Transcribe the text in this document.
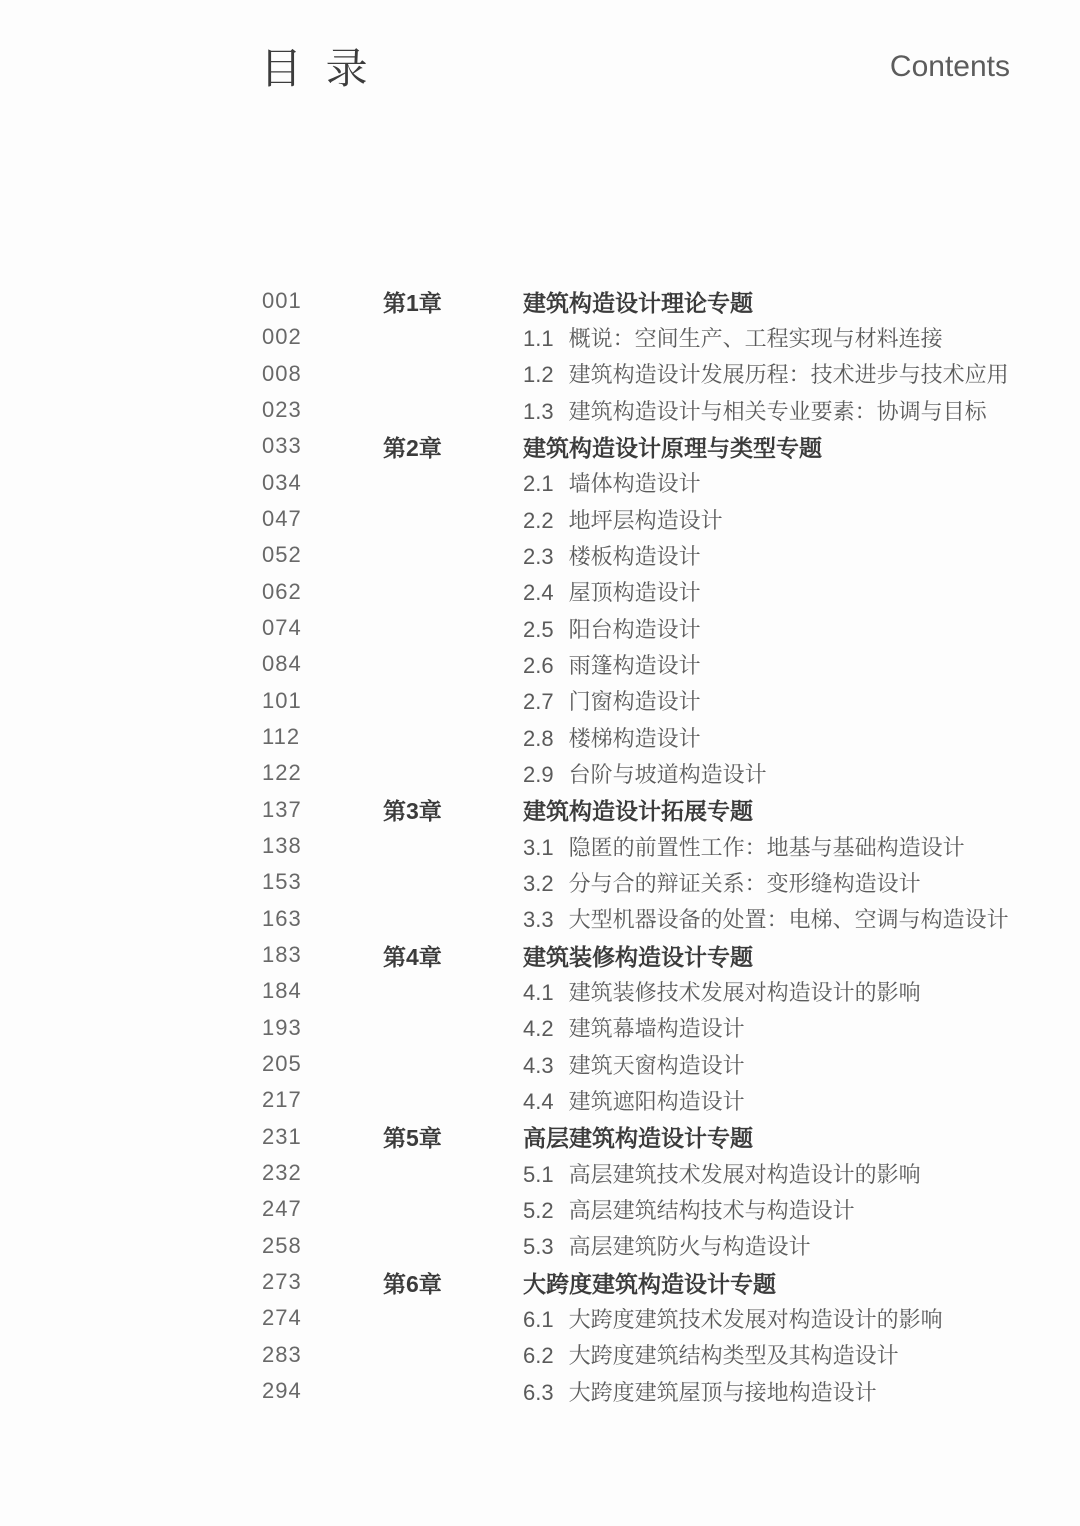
目 录	Contents
001	第1章	建筑构造设计理论专题
002	1.1 概说：空间生产、工程实现与材料连接
008	1.2 建筑构造设计发展历程：技术进步与技术应用
023	1.3 建筑构造设计与相关专业要素：协调与目标
033	第2章	建筑构造设计原理与类型专题
034	2.1 墙体构造设计
047	2.2 地坪层构造设计
052	2.3 楼板构造设计
062	2.4 屋顶构造设计
074	2.5 阳台构造设计
084	2.6 雨篷构造设计
101	2.7 门窗构造设计
112	2.8 楼梯构造设计
122	2.9 台阶与坡道构造设计
137	第3章	建筑构造设计拓展专题
138	3.1 隐匿的前置性工作：地基与基础构造设计
153	3.2 分与合的辩证关系：变形缝构造设计
163	3.3 大型机器设备的处置：电梯、空调与构造设计
183	第4章	建筑装修构造设计专题
184	4.1 建筑装修技术发展对构造设计的影响
193	4.2 建筑幕墙构造设计
205	4.3 建筑天窗构造设计
217	4.4 建筑遮阳构造设计
231	第5章	高层建筑构造设计专题
232	5.1 高层建筑技术发展对构造设计的影响
247	5.2 高层建筑结构技术与构造设计
258	5.3 高层建筑防火与构造设计
273	第6章	大跨度建筑构造设计专题
274	6.1 大跨度建筑技术发展对构造设计的影响
283	6.2 大跨度建筑结构类型及其构造设计
294	6.3 大跨度建筑屋顶与接地构造设计
